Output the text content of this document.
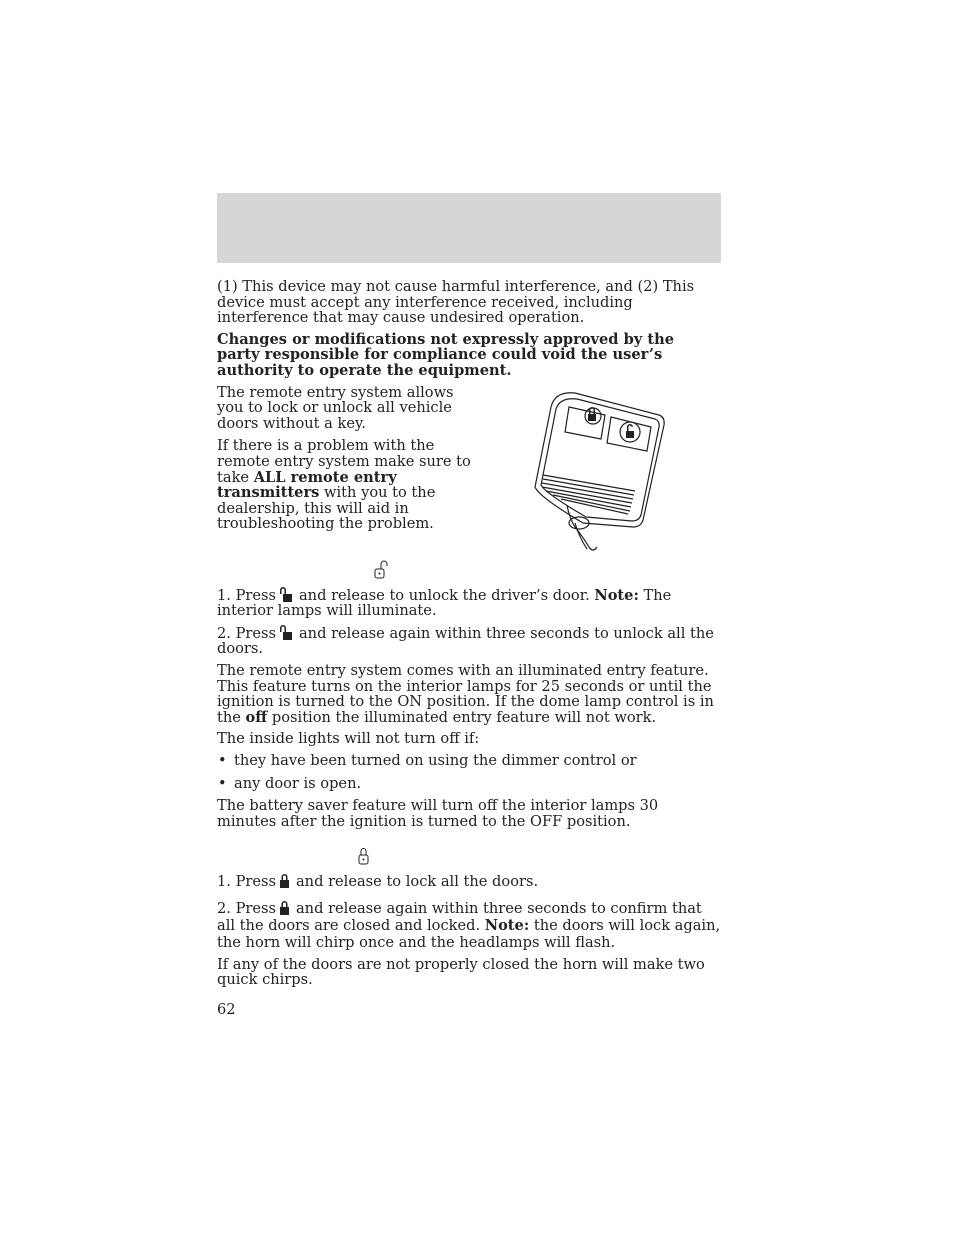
(1) This device may not cause harmful interference, and (2) This device must accept any interference received, including interference that may cause undesired operation.

Changes or modifications not expressly approved by the party responsible for compliance could void the user’s authority to operate the equipment.

The remote entry system allows you to lock or unlock all vehicle doors without a key.

If there is a problem with the remote entry system make sure to take ALL remote entry transmitters with you to the dealership, this will aid in troubleshooting the problem.

1. Press and release to unlock the driver’s door. Note: The interior lamps will illuminate.

2. Press and release again within three seconds to unlock all the doors.

The remote entry system comes with an illuminated entry feature. This feature turns on the interior lamps for 25 seconds or until the ignition is turned to the ON position. If the dome lamp control is in the off position the illuminated entry feature will not work.

The inside lights will not turn off if:

• they have been turned on using the dimmer control or
• any door is open.

The battery saver feature will turn off the interior lamps 30 minutes after the ignition is turned to the OFF position.

1. Press and release to lock all the doors.

2. Press and release again within three seconds to confirm that all the doors are closed and locked. Note: the doors will lock again, the horn will chirp once and the headlamps will flash.

If any of the doors are not properly closed the horn will make two quick chirps.

62
